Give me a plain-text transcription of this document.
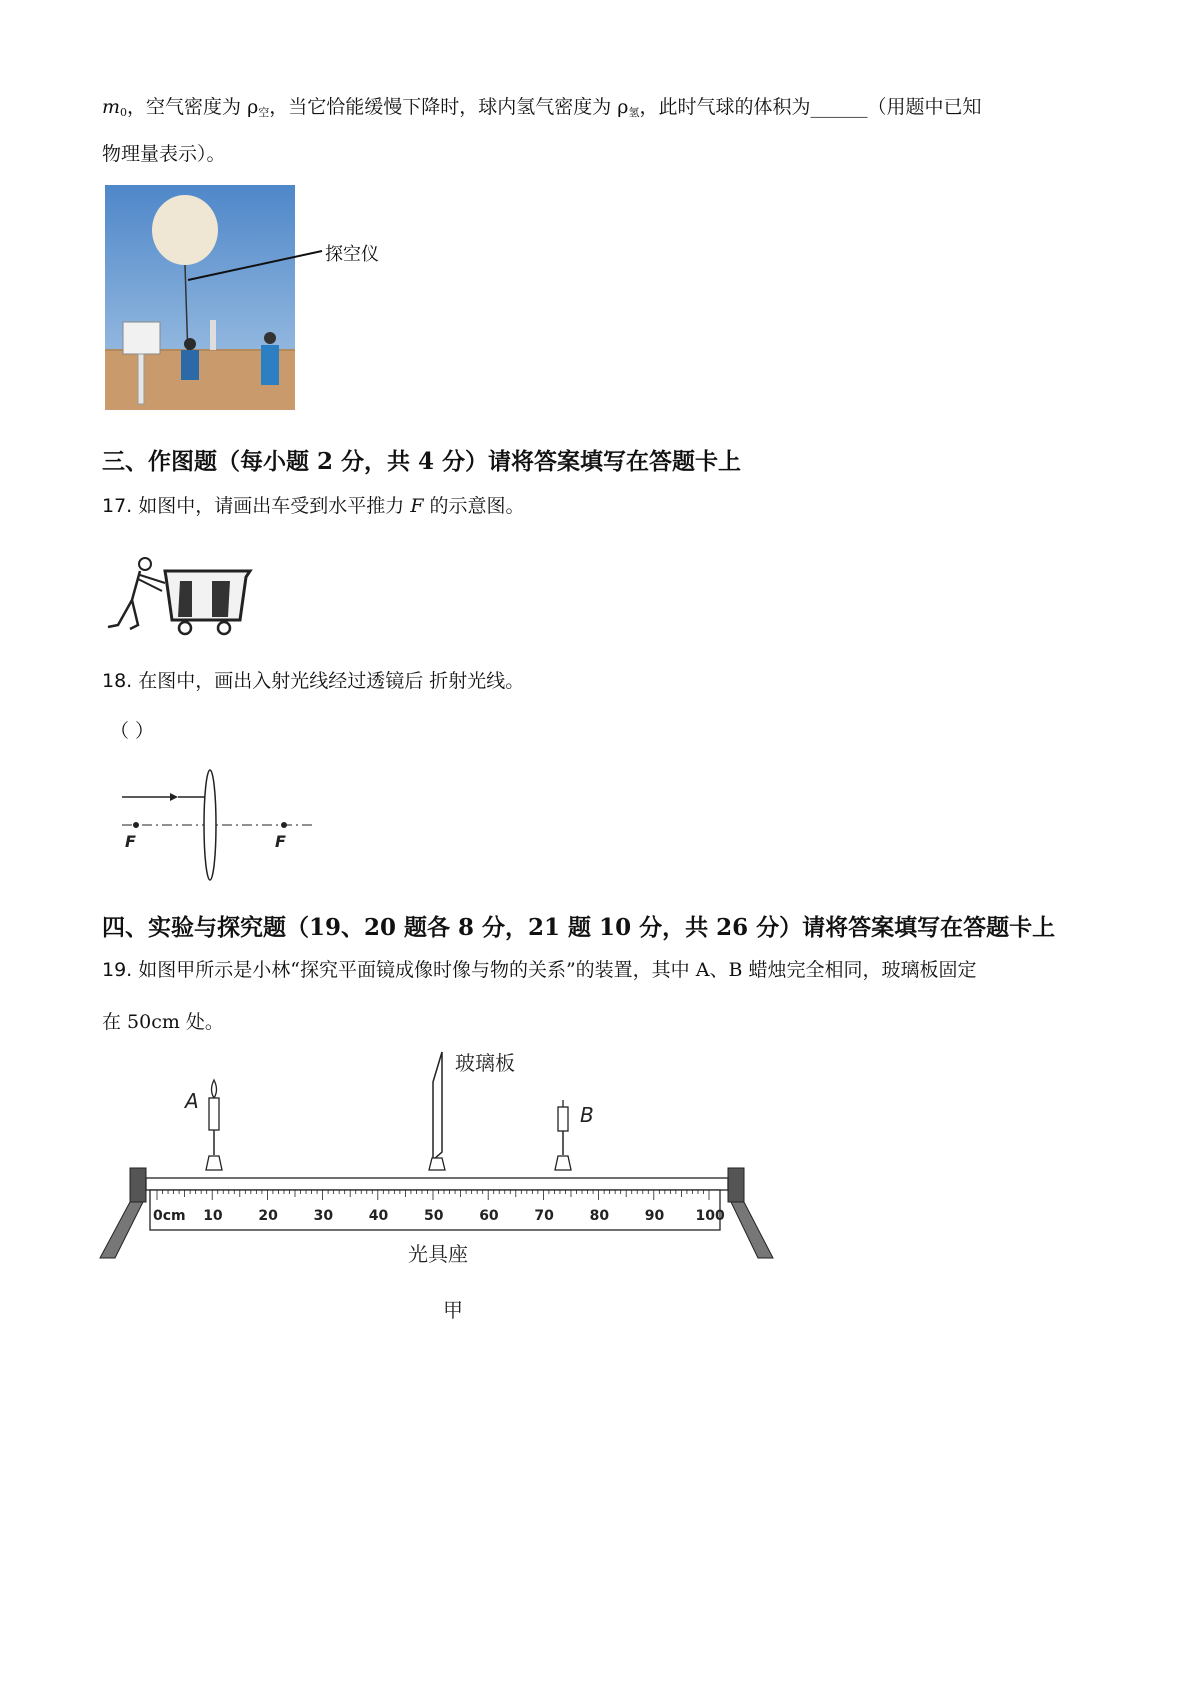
$m_0$，空气密度为 $\rho_空$，当它恰能缓慢下降时，球内氢气密度为 $\rho_氢$，此时气球的体积为______（用题中已知
物理量表示）。
探空仪
三、作图题（每小题 2 分，共 4 分）请将答案填写在答题卡上
17. 如图中，请画出车受到水平推力 F 的示意图。
18. 在图中，画出入射光线经过透镜后 折射光线。
（ ）
F	F
四、实验与探究题（19、20 题各 8 分，21 题 10 分，共 26 分）请将答案填写在答题卡上
19. 如图甲所示是小林“探究平面镜成像时像与物的关系”的装置，其中 A、B 蜡烛完全相同，玻璃板固定
在 50cm 处。
玻璃板
A
B
0cm 10	20	30	40	50	60	70	80	90 100
光具座
甲
